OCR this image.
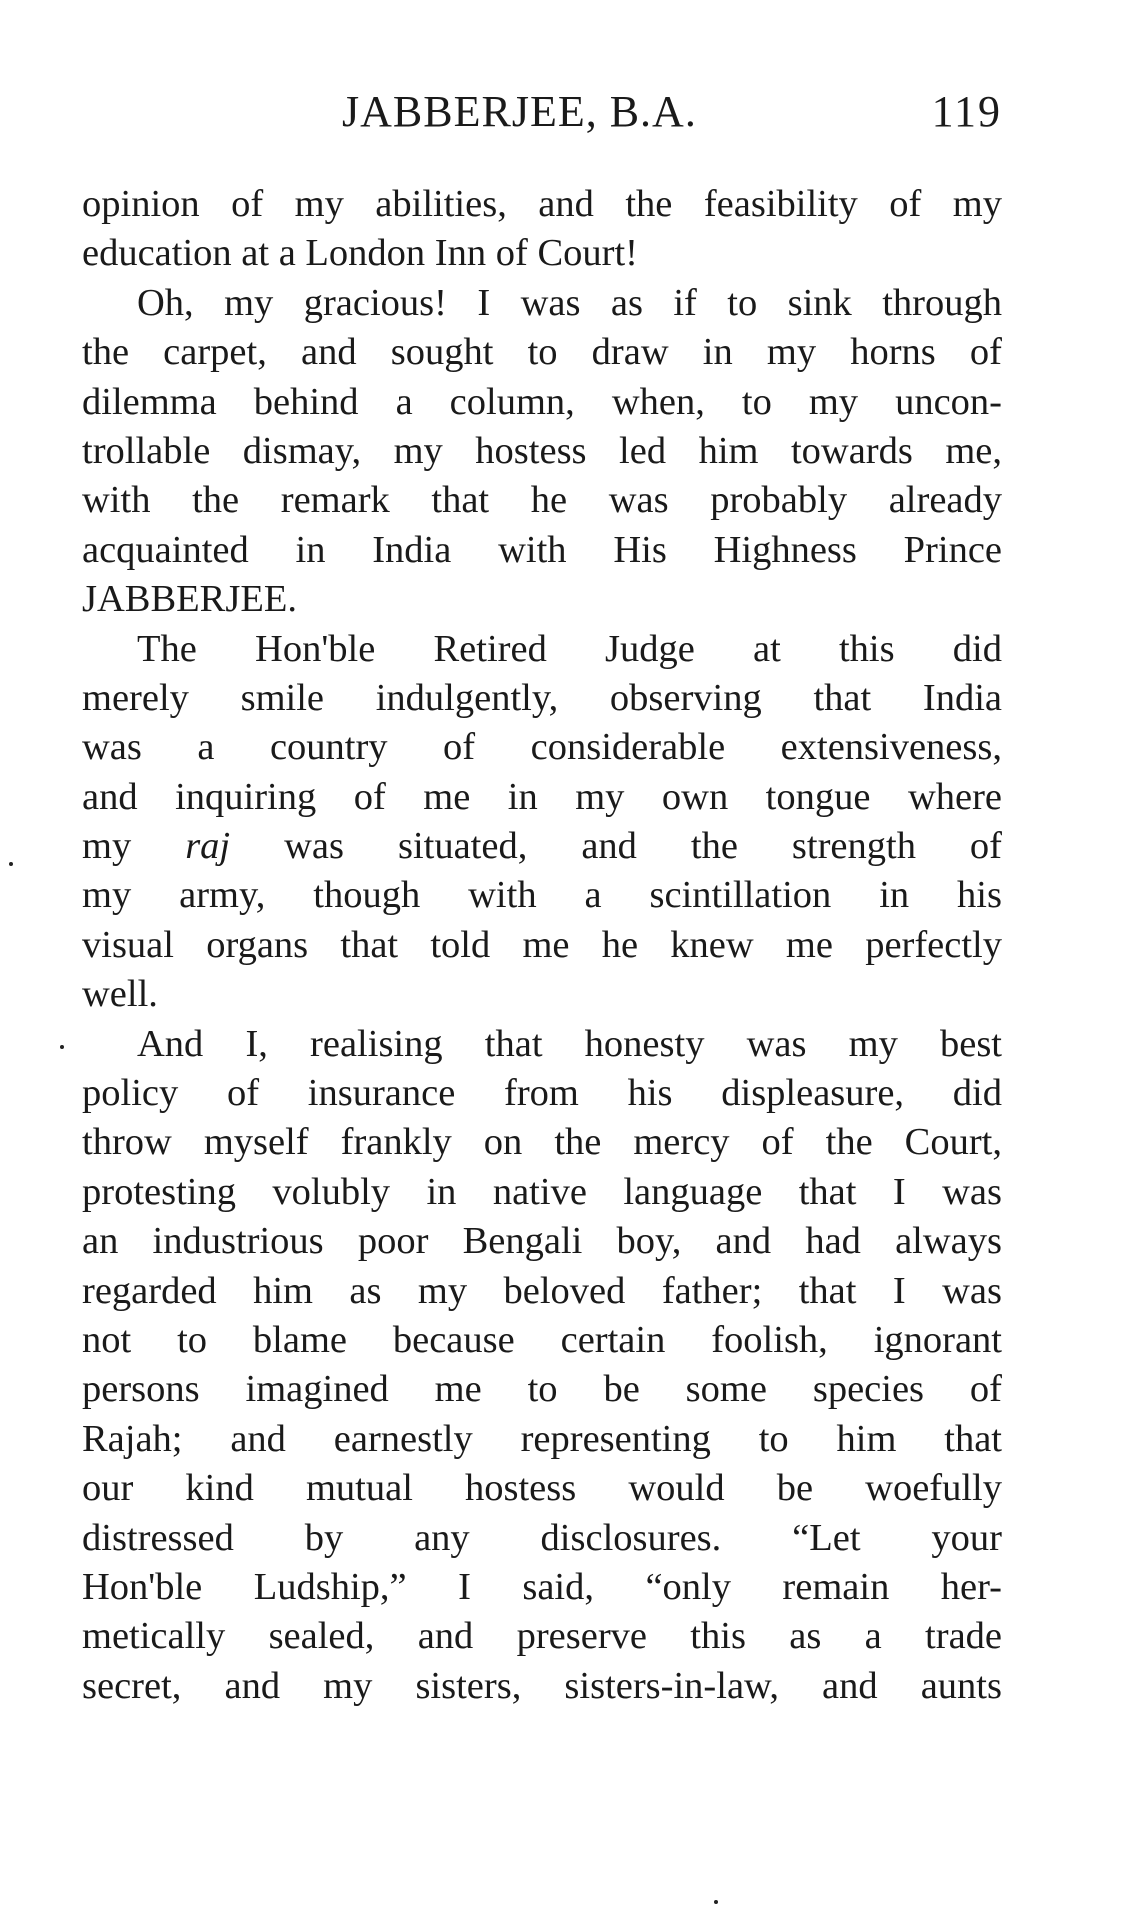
JABBERJEE, B.A.	119
opinion of my abilities, and the feasibility of my
education at a London Inn of Court!
Oh, my gracious! I was as if to sink through
the carpet, and sought to draw in my horns of
dilemma behind a column, when, to my uncon-
trollable dismay, my hostess led him towards me,
with the remark that he was probably already
acquainted in India with His Highness Prince
JABBERJEE.
The Hon'ble Retired Judge at this did
merely smile indulgently, observing that India
was a country of considerable extensiveness,
and inquiring of me in my own tongue where
my raj was situated, and the strength of
my army, though with a scintillation in his
visual organs that told me he knew me perfectly
well.
And I, realising that honesty was my best
policy of insurance from his displeasure, did
throw myself frankly on the mercy of the Court,
protesting volubly in native language that I was
an industrious poor Bengali boy, and had always
regarded him as my beloved father; that I was
not to blame because certain foolish, ignorant
persons imagined me to be some species of
Rajah; and earnestly representing to him that
our kind mutual hostess would be woefully
distressed by any disclosures. “Let your
Hon'ble Ludship,” I said, “only remain her-
metically sealed, and preserve this as a trade
secret, and my sisters, sisters-in-law, and aunts
